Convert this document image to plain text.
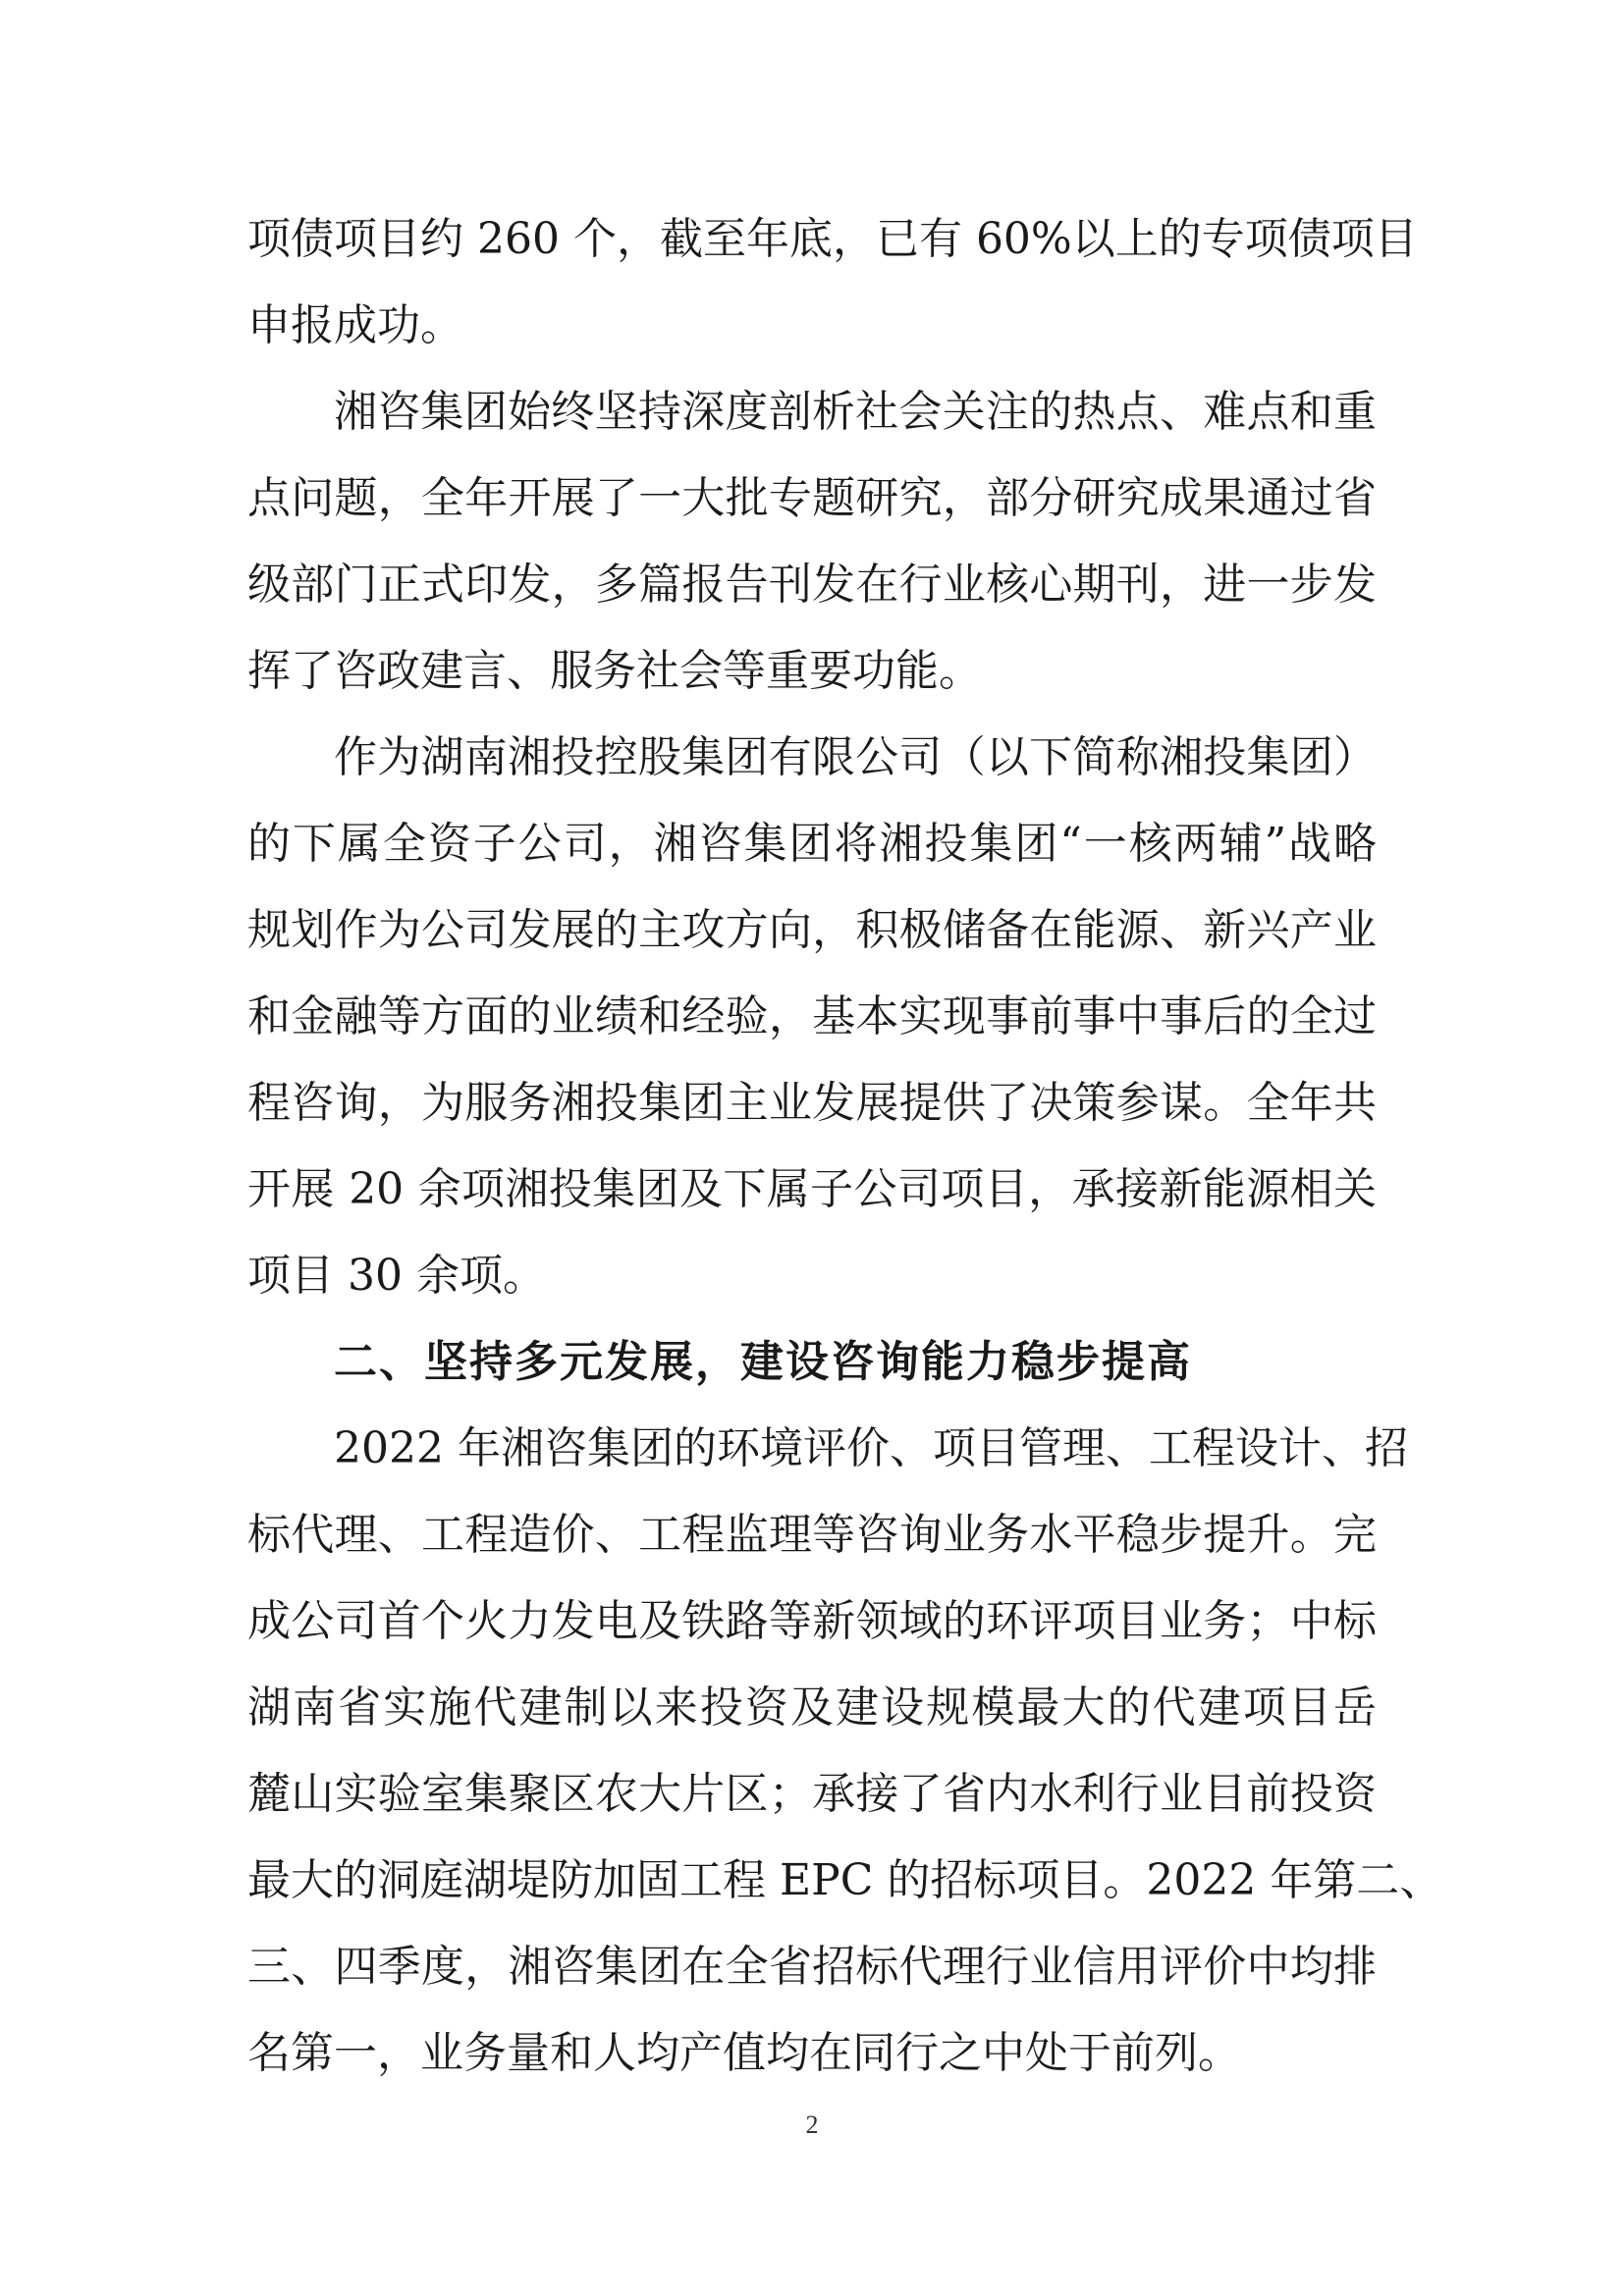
项债项目约 260 个，截至年底，已有 60%以上的专项债项目
申报成功。
湘咨集团始终坚持深度剖析社会关注的热点、难点和重
点问题，全年开展了一大批专题研究，部分研究成果通过省
级部门正式印发，多篇报告刊发在行业核心期刊，进一步发
挥了咨政建言、服务社会等重要功能。
作为湖南湘投控股集团有限公司（以下简称湘投集团）
的下属全资子公司，湘咨集团将湘投集团“一核两辅”战略
规划作为公司发展的主攻方向，积极储备在能源、新兴产业
和金融等方面的业绩和经验，基本实现事前事中事后的全过
程咨询，为服务湘投集团主业发展提供了决策参谋。全年共
开展 20 余项湘投集团及下属子公司项目，承接新能源相关
项目 30 余项。
二、坚持多元发展，建设咨询能力稳步提高
2022 年湘咨集团的环境评价、项目管理、工程设计、招
标代理、工程造价、工程监理等咨询业务水平稳步提升。完
成公司首个火力发电及铁路等新领域的环评项目业务；中标
湖南省实施代建制以来投资及建设规模最大的代建项目岳
麓山实验室集聚区农大片区；承接了省内水利行业目前投资
最大的洞庭湖堤防加固工程 EPC 的招标项目。2022 年第二、
三、四季度，湘咨集团在全省招标代理行业信用评价中均排
名第一，业务量和人均产值均在同行之中处于前列。
2
